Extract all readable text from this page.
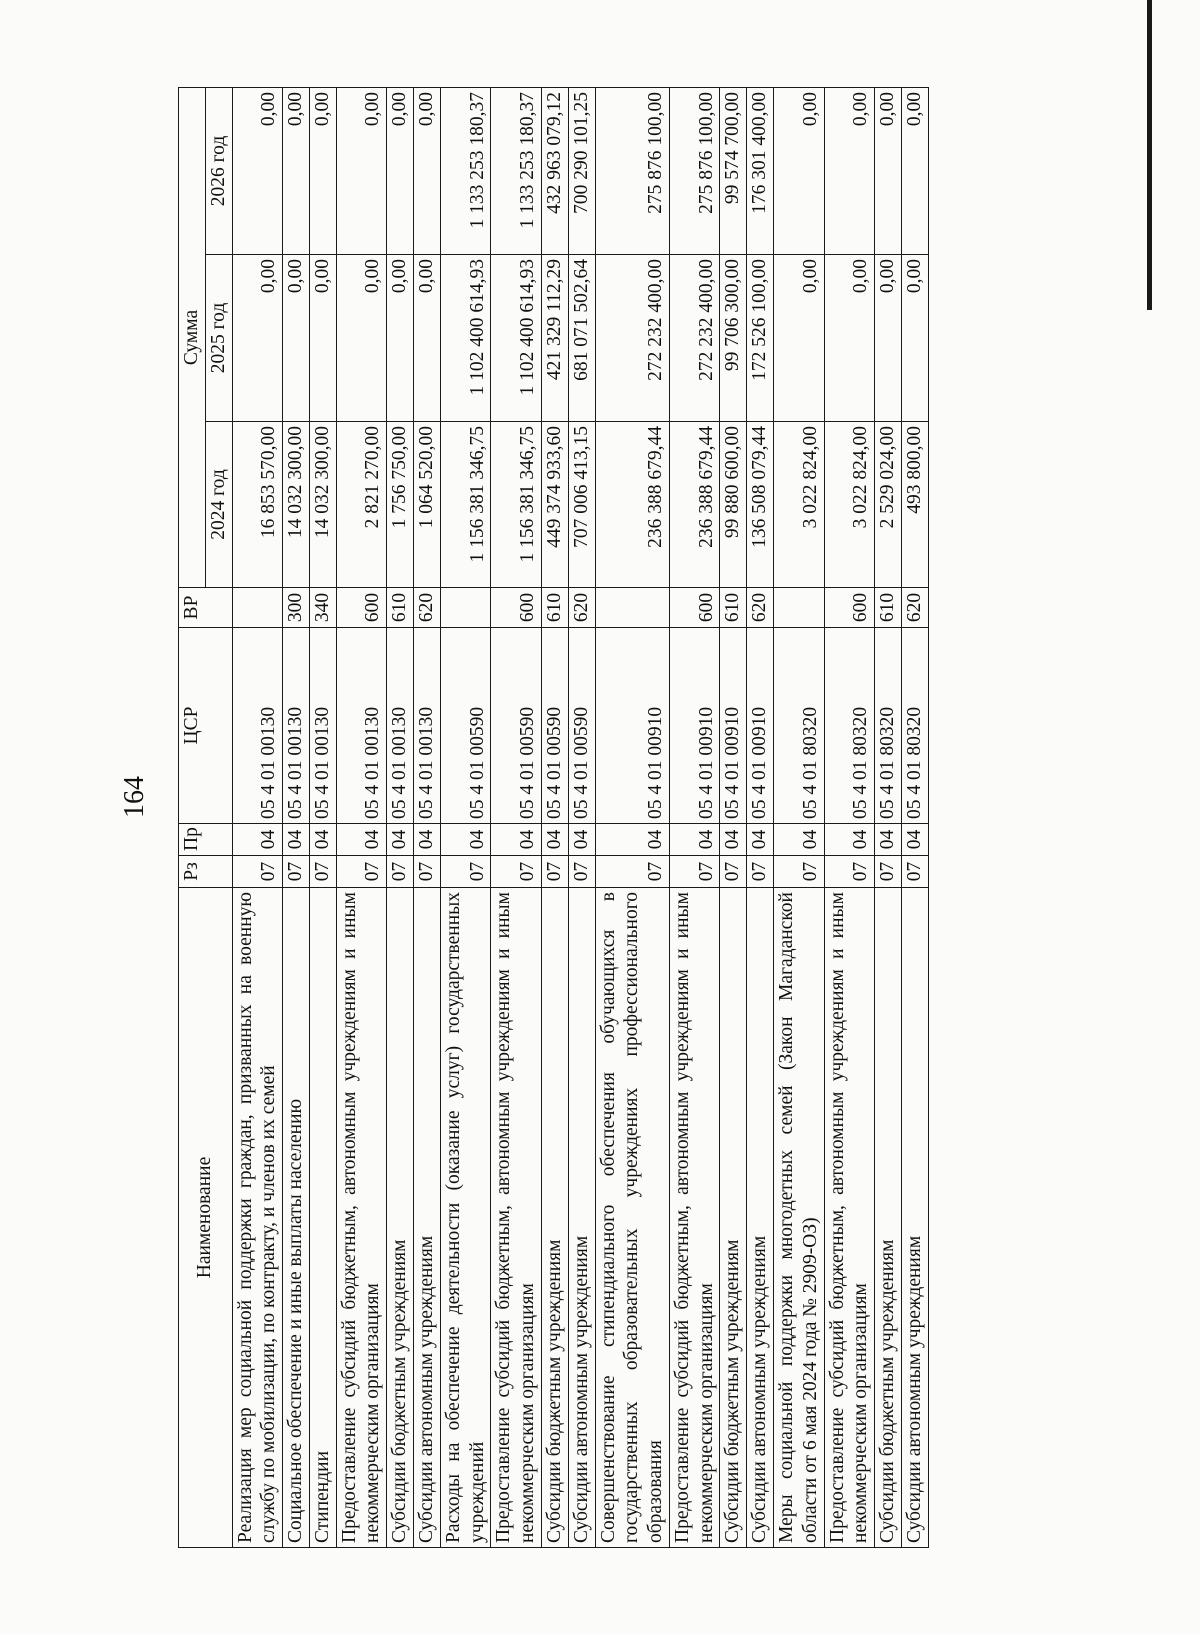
164
Наименование	Рз	Пр	ЦСР	ВР	Сумма		
					2024 год	2025 год	2026 год
Реализация мер социальной поддержки граждан, призванных на военную службу по мобилизации, по контракту, и членов их семей	07	04	05 4 01 00130		16 853 570,00	0,00	0,00
Социальное обеспечение и иные выплаты населению	07	04	05 4 01 00130	300	14 032 300,00	0,00	0,00
Стипендии	07	04	05 4 01 00130	340	14 032 300,00	0,00	0,00
Предоставление субсидий бюджетным, автономным учреждениям и иным некоммерческим организациям	07	04	05 4 01 00130	600	2 821 270,00	0,00	0,00
Субсидии бюджетным учреждениям	07	04	05 4 01 00130	610	1 756 750,00	0,00	0,00
Субсидии автономным учреждениям	07	04	05 4 01 00130	620	1 064 520,00	0,00	0,00
Расходы на обеспечение деятельности (оказание услуг) государственных учреждений	07	04	05 4 01 00590		1 156 381 346,75	1 102 400 614,93	1 133 253 180,37
Предоставление субсидий бюджетным, автономным учреждениям и иным некоммерческим организациям	07	04	05 4 01 00590	600	1 156 381 346,75	1 102 400 614,93	1 133 253 180,37
Субсидии бюджетным учреждениям	07	04	05 4 01 00590	610	449 374 933,60	421 329 112,29	432 963 079,12
Субсидии автономным учреждениям	07	04	05 4 01 00590	620	707 006 413,15	681 071 502,64	700 290 101,25
Совершенствование стипендиального обеспечения обучающихся в государственных образовательных учреждениях профессионального образования	07	04	05 4 01 00910		236 388 679,44	272 232 400,00	275 876 100,00
Предоставление субсидий бюджетным, автономным учреждениям и иным некоммерческим организациям	07	04	05 4 01 00910	600	236 388 679,44	272 232 400,00	275 876 100,00
Субсидии бюджетным учреждениям	07	04	05 4 01 00910	610	99 880 600,00	99 706 300,00	99 574 700,00
Субсидии автономным учреждениям	07	04	05 4 01 00910	620	136 508 079,44	172 526 100,00	176 301 400,00
Меры социальной поддержки многодетных семей (Закон Магаданской области от 6 мая 2024 года № 2909-ОЗ)	07	04	05 4 01 80320		3 022 824,00	0,00	0,00
Предоставление субсидий бюджетным, автономным учреждениям и иным некоммерческим организациям	07	04	05 4 01 80320	600	3 022 824,00	0,00	0,00
Субсидии бюджетным учреждениям	07	04	05 4 01 80320	610	2 529 024,00	0,00	0,00
Субсидии автономным учреждениям	07	04	05 4 01 80320	620	493 800,00	0,00	0,00
